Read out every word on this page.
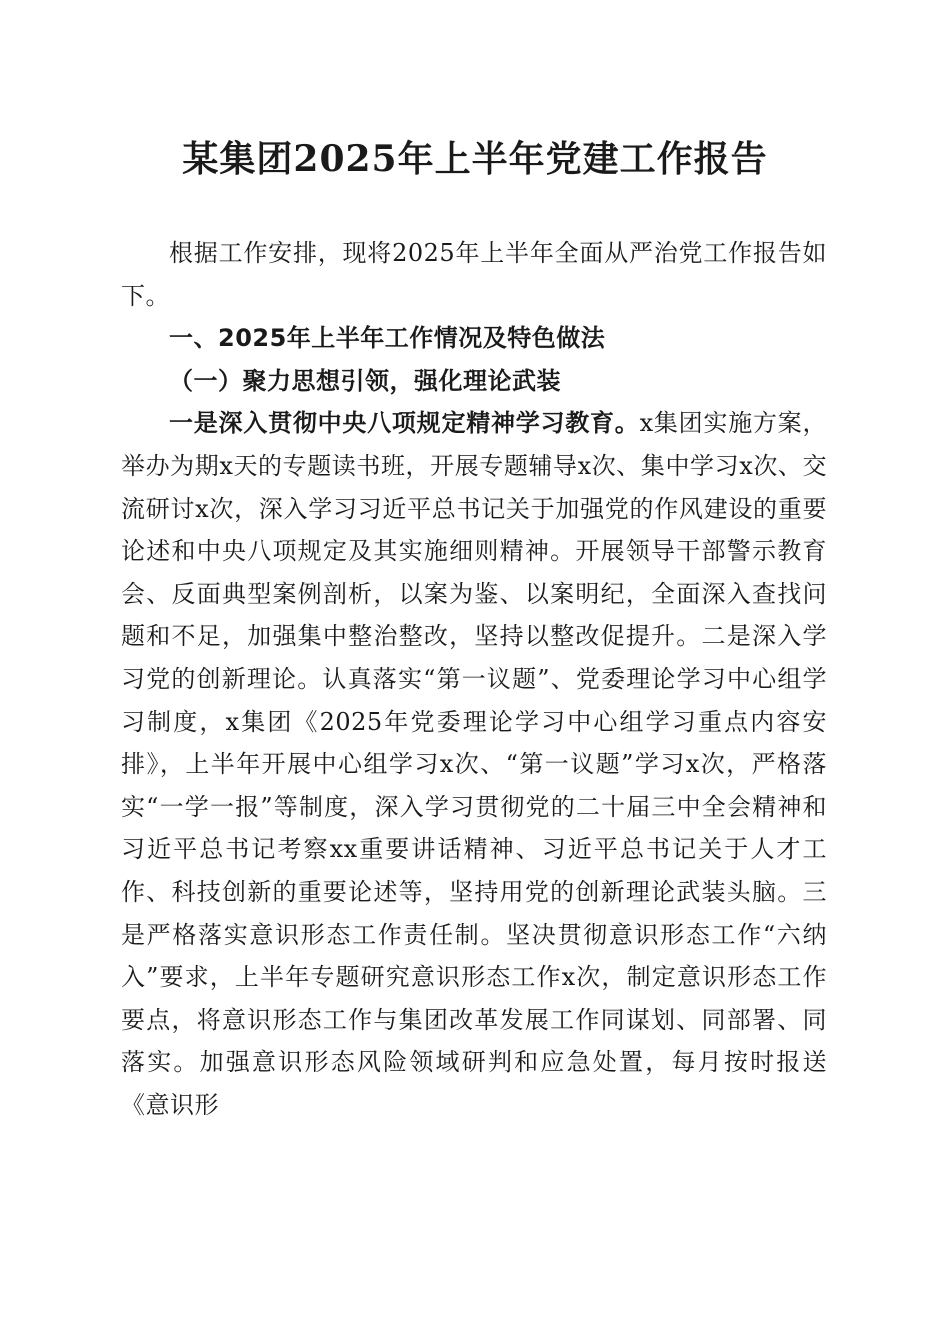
某集团2025年上半年党建工作报告

根据工作安排，现将2025年上半年全面从严治党工作报告如下。

一、2025年上半年工作情况及特色做法

（一）聚力思想引领，强化理论武装

一是深入贯彻中央八项规定精神学习教育。x集团实施方案，举办为期x天的专题读书班，开展专题辅导x次、集中学习x次、交流研讨x次，深入学习习近平总书记关于加强党的作风建设的重要论述和中央八项规定及其实施细则精神。开展领导干部警示教育会、反面典型案例剖析，以案为鉴、以案明纪，全面深入查找问题和不足，加强集中整治整改，坚持以整改促提升。二是深入学习党的创新理论。认真落实“第一议题”、党委理论学习中心组学习制度，x集团《2025年党委理论学习中心组学习重点内容安排》，上半年开展中心组学习x次、“第一议题”学习x次，严格落实“一学一报”等制度，深入学习贯彻党的二十届三中全会精神和习近平总书记考察xx重要讲话精神、习近平总书记关于人才工作、科技创新的重要论述等，坚持用党的创新理论武装头脑。三是严格落实意识形态工作责任制。坚决贯彻意识形态工作“六纳入”要求，上半年专题研究意识形态工作x次，制定意识形态工作要点，将意识形态工作与集团改革发展工作同谋划、同部署、同落实。加强意识形态风险领域研判和应急处置，每月按时报送《意识形
